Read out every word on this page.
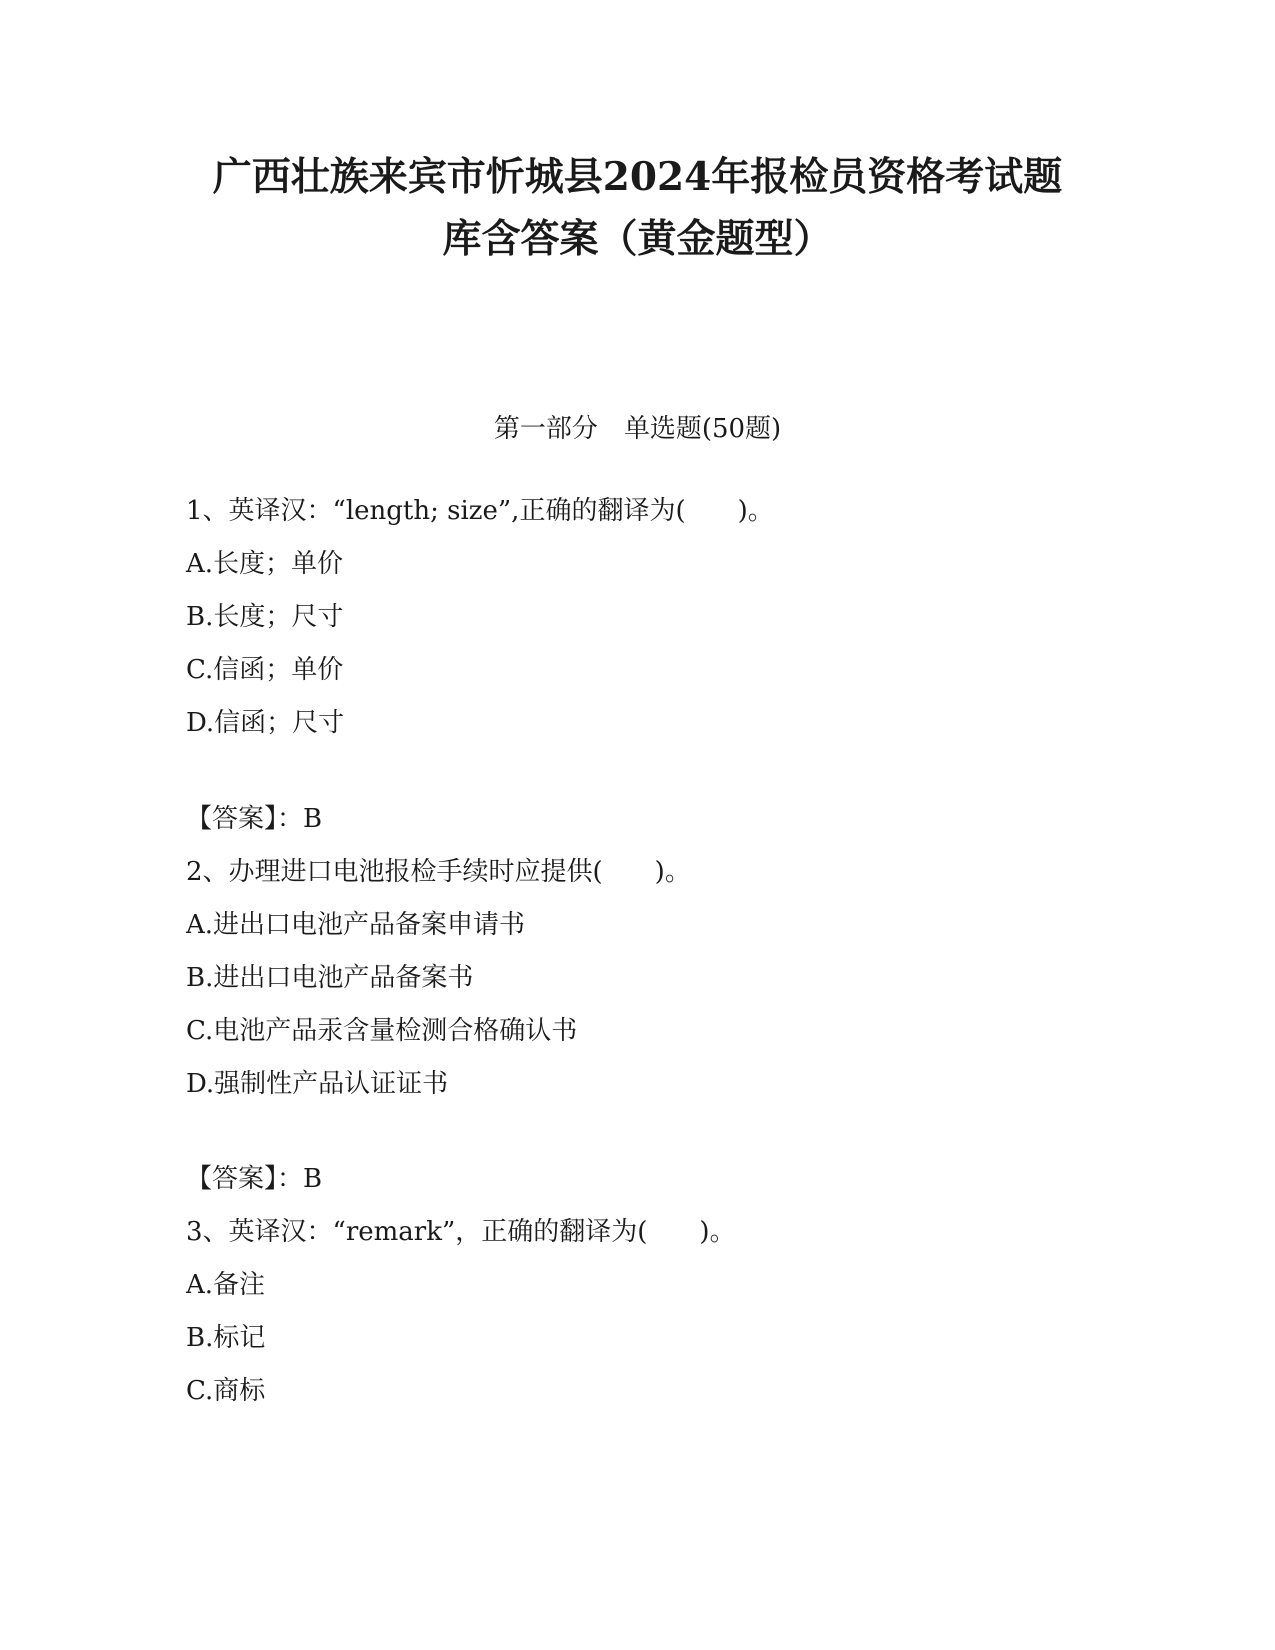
广西壮族来宾市忻城县2024年报检员资格考试题
库含答案（黄金题型）
第一部分　单选题(50题)
1、英译汉：“length; size”,正确的翻译为(　　)。
A.长度；单价
B.长度；尺寸
C.信函；单价
D.信函；尺寸
【答案】：B
2、办理进口电池报检手续时应提供(　　)。
A.进出口电池产品备案申请书
B.进出口电池产品备案书
C.电池产品汞含量检测合格确认书
D.强制性产品认证证书
【答案】：B
3、英译汉：“remark”，正确的翻译为(　　)。
A.备注
B.标记
C.商标
